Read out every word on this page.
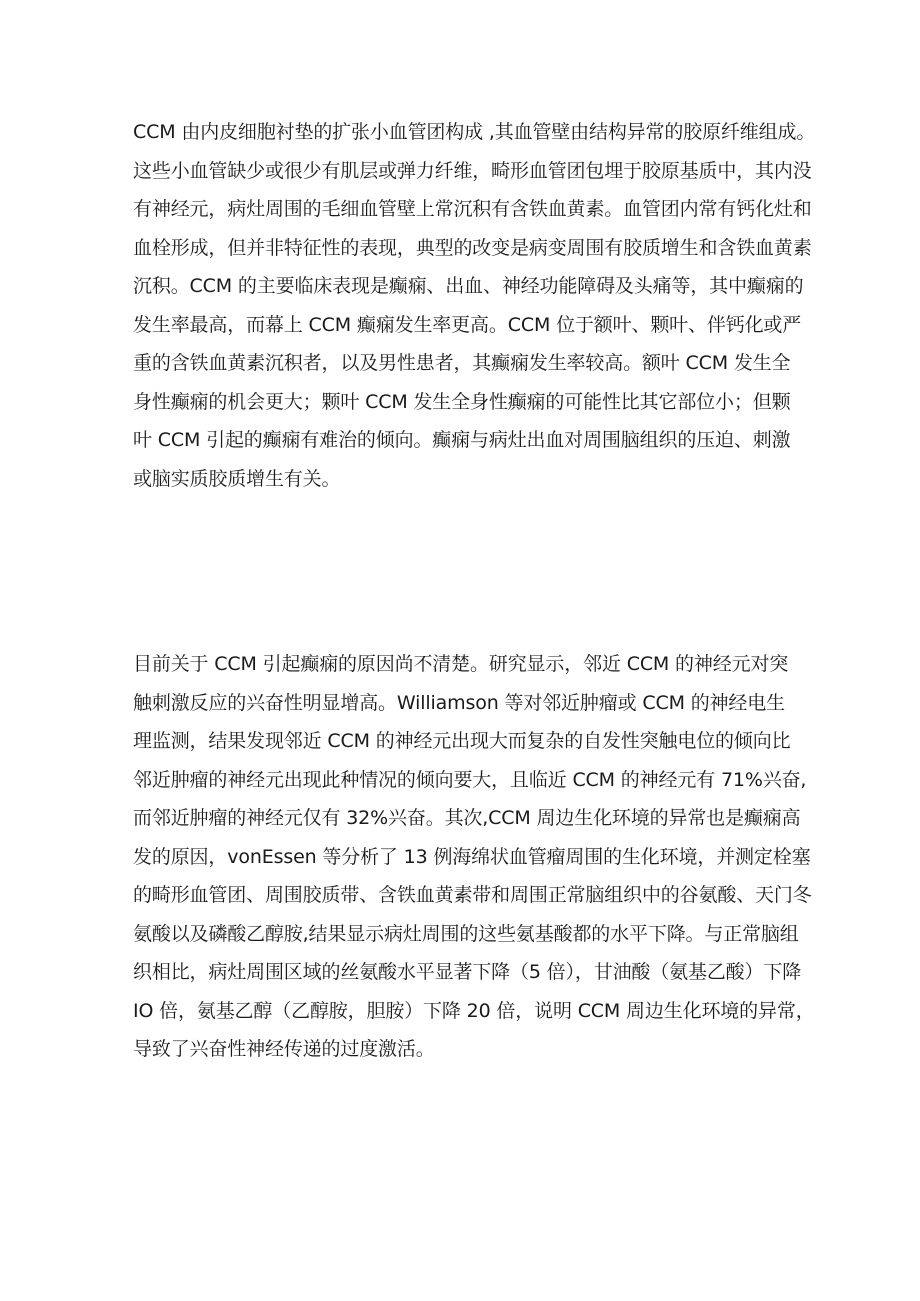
CCM 由内皮细胞衬垫的扩张小血管团构成 ,其血管壁由结构异常的胶原纤维组成。
这些小血管缺少或很少有肌层或弹力纤维，畸形血管团包埋于胶原基质中，其内没
有神经元，病灶周围的毛细血管壁上常沉积有含铁血黄素。血管团内常有钙化灶和
血栓形成，但并非特征性的表现，典型的改变是病变周围有胶质增生和含铁血黄素
沉积。CCM 的主要临床表现是癫痫、出血、神经功能障碍及头痛等，其中癫痫的
发生率最高，而幕上 CCM 癫痫发生率更高。CCM 位于额叶、颗叶、伴钙化或严
重的含铁血黄素沉积者，以及男性患者，其癫痫发生率较高。额叶 CCM 发生全
身性癫痫的机会更大；颗叶 CCM 发生全身性癫痫的可能性比其它部位小；但颗
叶 CCM 引起的癫痫有难治的倾向。癫痫与病灶出血对周围脑组织的压迫、刺激
或脑实质胶质增生有关。
目前关于 CCM 引起癫痫的原因尚不清楚。研究显示，邻近 CCM 的神经元对突
触刺激反应的兴奋性明显增高。Williamson 等对邻近肿瘤或 CCM 的神经电生
理监测，结果发现邻近 CCM 的神经元出现大而复杂的自发性突触电位的倾向比
邻近肿瘤的神经元出现此种情况的倾向要大，且临近 CCM 的神经元有 71%兴奋,
而邻近肿瘤的神经元仅有 32%兴奋。其次,CCM 周边生化环境的异常也是癫痫高
发的原因，vonEssen 等分析了 13 例海绵状血管瘤周围的生化环境，并测定栓塞
的畸形血管团、周围胶质带、含铁血黄素带和周围正常脑组织中的谷氨酸、天门冬
氨酸以及磷酸乙醇胺,结果显示病灶周围的这些氨基酸都的水平下降。与正常脑组
织相比，病灶周围区域的丝氨酸水平显著下降（5 倍），甘油酸（氨基乙酸）下降
IO 倍，氨基乙醇（乙醇胺，胆胺）下降 20 倍，说明 CCM 周边生化环境的异常，
导致了兴奋性神经传递的过度激活。
